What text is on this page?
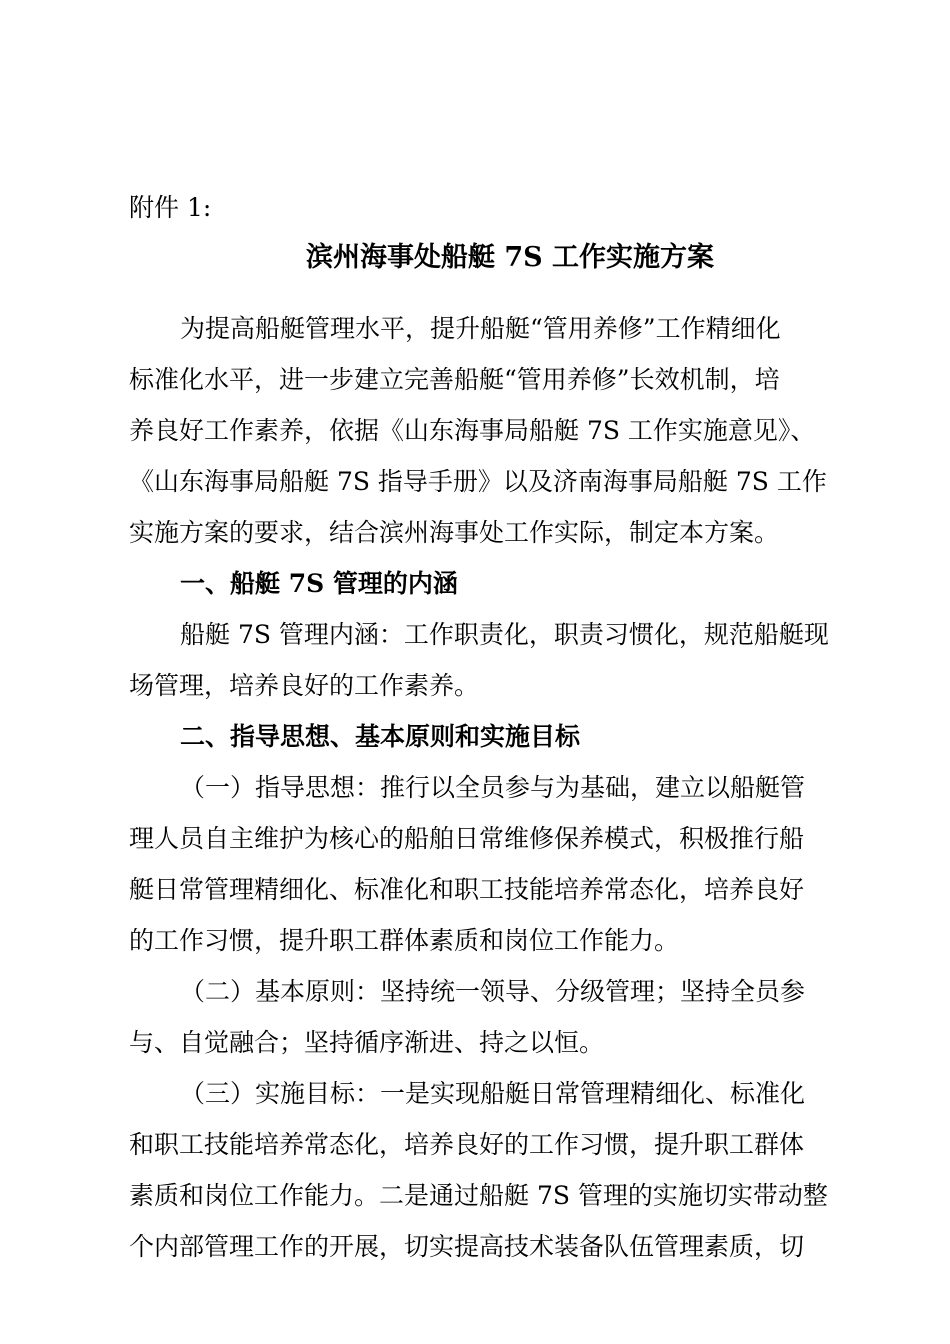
附件 1:
滨州海事处船艇 7S 工作实施方案
为提高船艇管理水平，提升船艇“管用养修”工作精细化
标准化水平，进一步建立完善船艇“管用养修”长效机制，培
养良好工作素养，依据《山东海事局船艇 7S 工作实施意见》、
《山东海事局船艇 7S 指导手册》以及济南海事局船艇 7S 工作
实施方案的要求，结合滨州海事处工作实际，制定本方案。
一、船艇 7S 管理的内涵
船艇 7S 管理内涵：工作职责化，职责习惯化，规范船艇现
场管理，培养良好的工作素养。
二、指导思想、基本原则和实施目标
（一）指导思想：推行以全员参与为基础，建立以船艇管
理人员自主维护为核心的船舶日常维修保养模式，积极推行船
艇日常管理精细化、标准化和职工技能培养常态化，培养良好
的工作习惯，提升职工群体素质和岗位工作能力。
（二）基本原则：坚持统一领导、分级管理；坚持全员参
与、自觉融合；坚持循序渐进、持之以恒。
（三）实施目标：一是实现船艇日常管理精细化、标准化
和职工技能培养常态化，培养良好的工作习惯，提升职工群体
素质和岗位工作能力。二是通过船艇 7S 管理的实施切实带动整
个内部管理工作的开展，切实提高技术装备队伍管理素质，切
